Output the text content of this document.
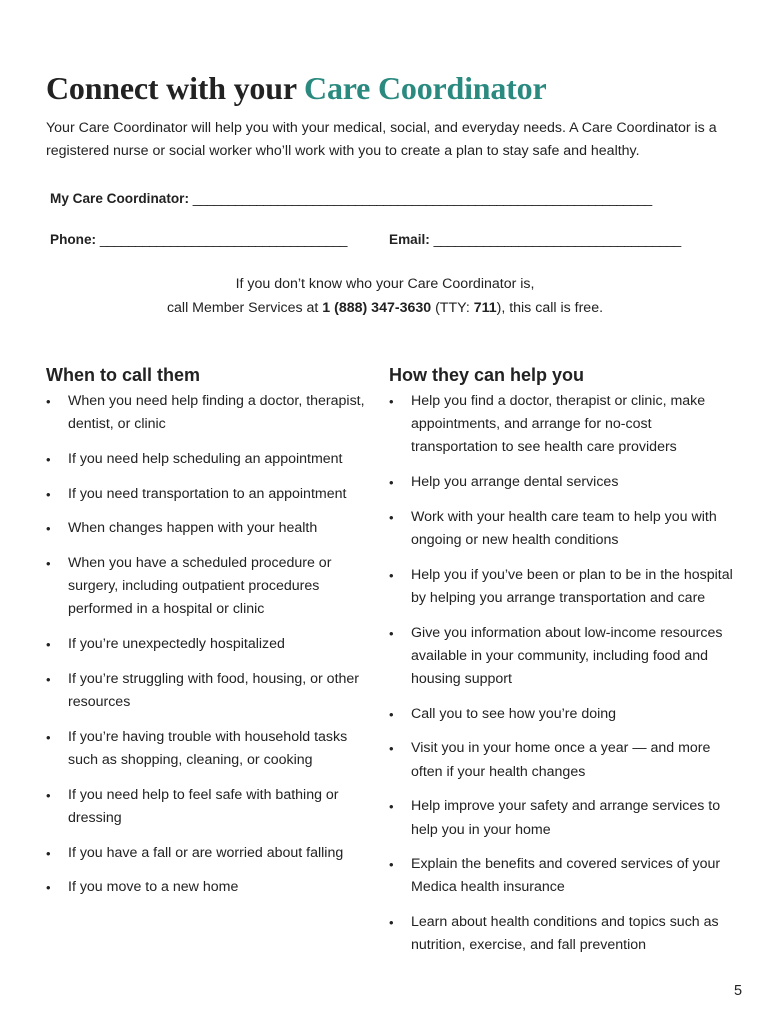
Connect with your Care Coordinator

Your Care Coordinator will help you with your medical, social, and everyday needs. A Care Coordinator is a registered nurse or social worker who’ll work with you to create a plan to stay safe and healthy.

My Care Coordinator: _________________________________________________________________
Phone: ___________________________________	Email: ___________________________________
If you don’t know who your Care Coordinator is,
call Member Services at 1 (888) 347-3630 (TTY: 711), this call is free.
When to call them
• When you need help finding a doctor, therapist, dentist, or clinic
• If you need help scheduling an appointment
• If you need transportation to an appointment
• When changes happen with your health
• When you have a scheduled procedure or surgery, including outpatient procedures performed in a hospital or clinic
• If you’re unexpectedly hospitalized
• If you’re struggling with food, housing, or other resources
• If you’re having trouble with household tasks such as shopping, cleaning, or cooking
• If you need help to feel safe with bathing or dressing
• If you have a fall or are worried about falling
• If you move to a new home
How they can help you
• Help you find a doctor, therapist or clinic, make appointments, and arrange for no-cost transportation to see health care providers
• Help you arrange dental services
• Work with your health care team to help you with ongoing or new health conditions
• Help you if you’ve been or plan to be in the hospital by helping you arrange transportation and care
• Give you information about low-income resources available in your community, including food and housing support
• Call you to see how you’re doing
• Visit you in your home once a year — and more often if your health changes
• Help improve your safety and arrange services to help you in your home
• Explain the benefits and covered services of your Medica health insurance
• Learn about health conditions and topics such as nutrition, exercise, and fall prevention
5
